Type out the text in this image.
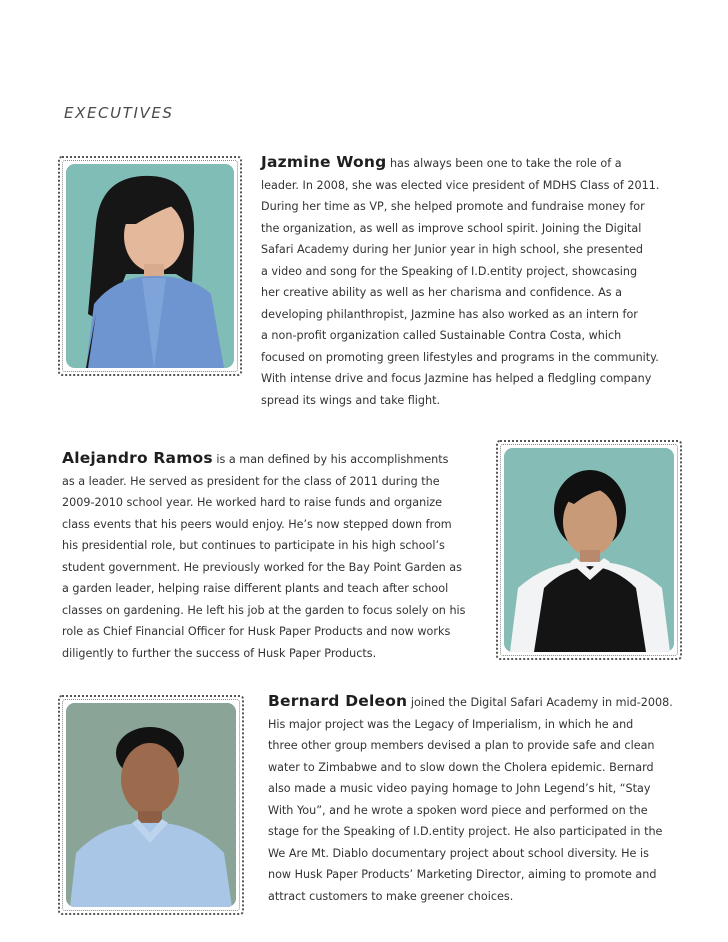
EXECUTIVES
Jazmine Wong has always been one to take the role of a
leader. In 2008, she was elected vice president of MDHS Class of 2011.
During her time as VP, she helped promote and fundraise money for
the organization, as well as improve school spirit. Joining the Digital
Safari Academy during her Junior year in high school, she presented
a video and song for the Speaking of I.D.entity project, showcasing
her creative ability as well as her charisma and confidence. As a
developing philanthropist, Jazmine has also worked as an intern for
a non-profit organization called Sustainable Contra Costa, which
focused on promoting green lifestyles and programs in the community.
With intense drive and focus Jazmine has helped a fledgling company
spread its wings and take flight.
Alejandro Ramos is a man defined by his accomplishments
as a leader. He served as president for the class of 2011 during the
2009-2010 school year. He worked hard to raise funds and organize
class events that his peers would enjoy. He’s now stepped down from
his presidential role, but continues to participate in his high school’s
student government. He previously worked for the Bay Point Garden as
a garden leader, helping raise different plants and teach after school
classes on gardening. He left his job at the garden to focus solely on his
role as Chief Financial Officer for Husk Paper Products and now works
diligently to further the success of Husk Paper Products.
Bernard Deleon joined the Digital Safari Academy in mid-2008.
His major project was the Legacy of Imperialism, in which he and
three other group members devised a plan to provide safe and clean
water to Zimbabwe and to slow down the Cholera epidemic. Bernard
also made a music video paying homage to John Legend’s hit, “Stay
With You”, and he wrote a spoken word piece and performed on the
stage for the Speaking of I.D.entity project. He also participated in the
We Are Mt. Diablo documentary project about school diversity. He is
now Husk Paper Products’ Marketing Director, aiming to promote and
attract customers to make greener choices.
